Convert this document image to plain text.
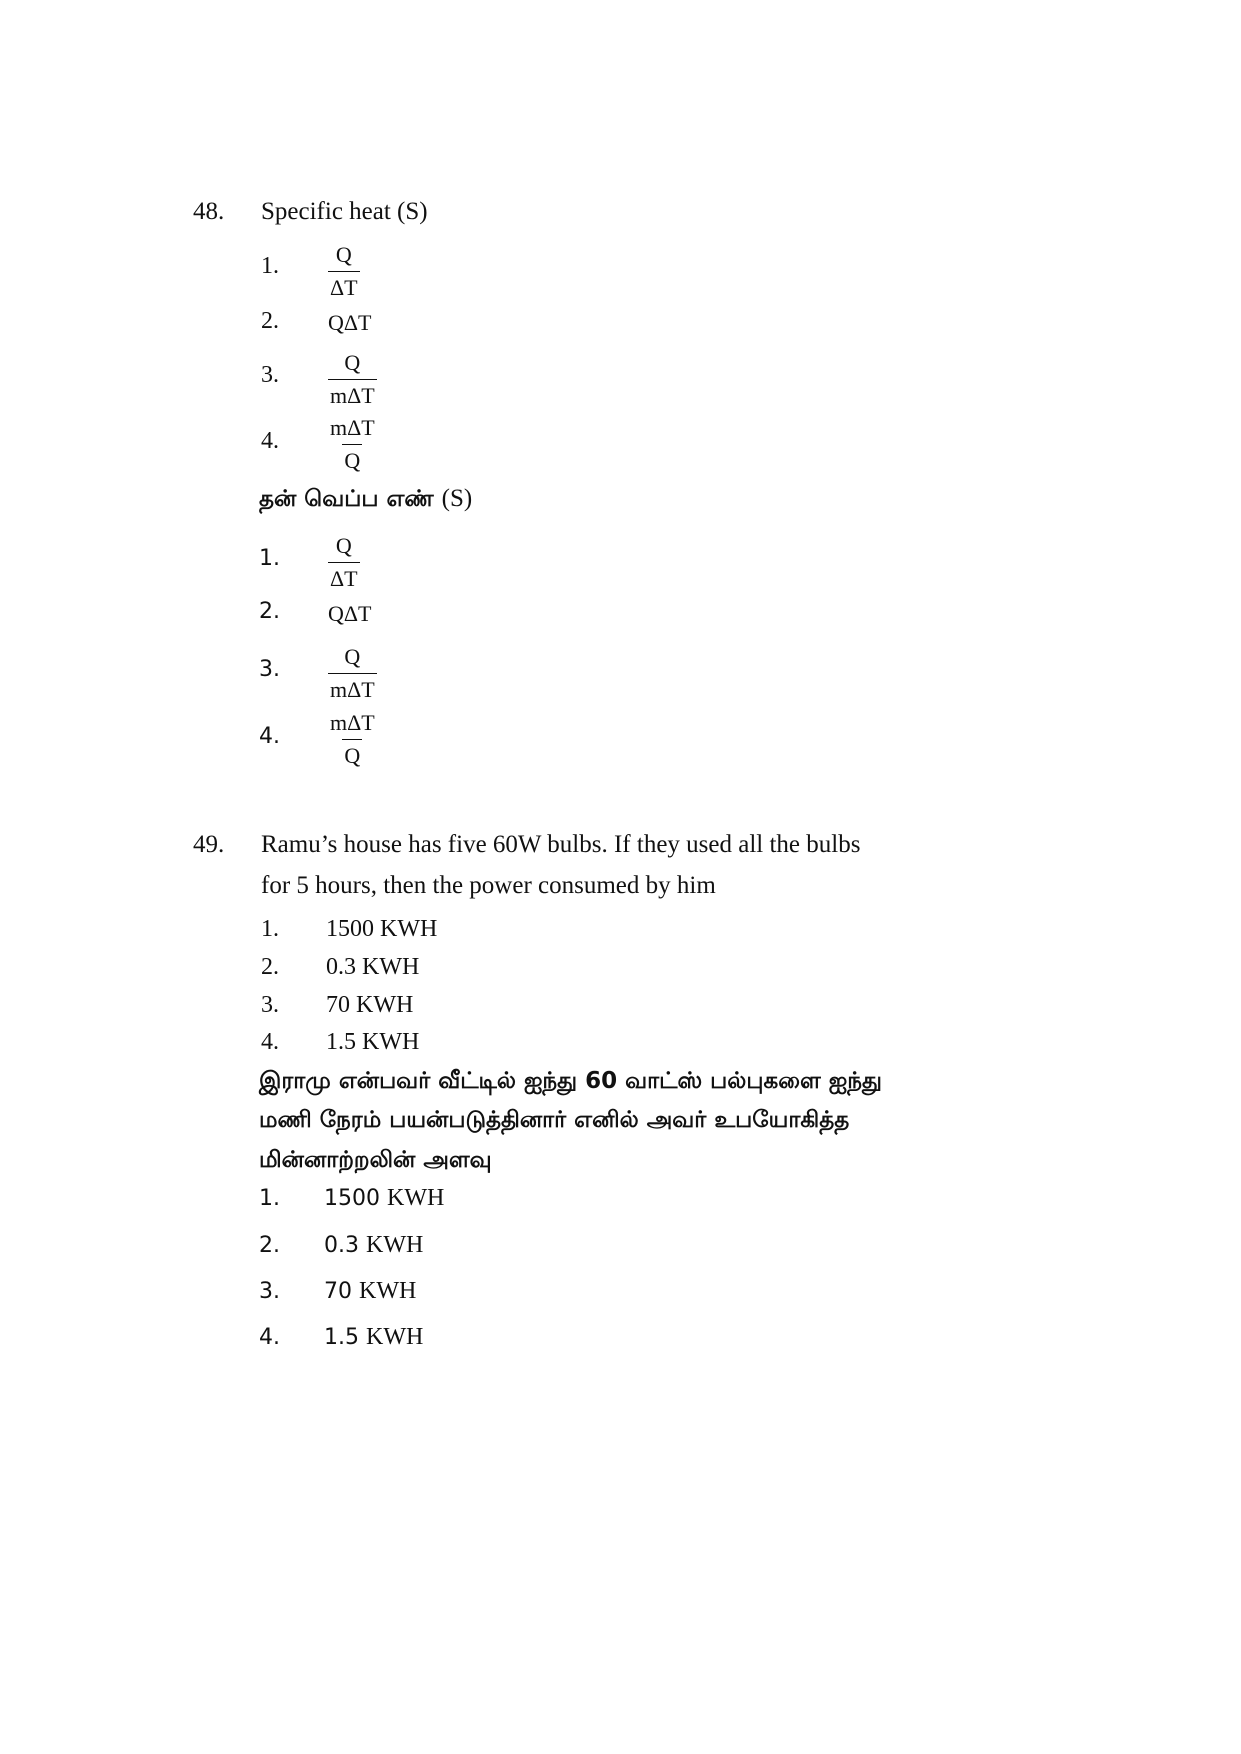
48. Specific heat (S)
1. $\frac{Q}{\Delta T}$
2. QΔT
3.	Q
mΔT
4.
mΔT
Q
தன் வெப்ப எண் (S)
1. $\frac{Q}{\Delta T}$
2. QΔT
3.
Q
mΔT
4.
mΔT
Q
49. Ramu’s house has five 60W bulbs. If they used all the bulbs
for 5 hours, then the power consumed by him
1. 1500 KWH
2. 0.3 KWH
3. 70 KWH
4. 1.5 KWH
இராமு என்பவர் வீட்டில் ஐந்து 60 வாட்ஸ் பல்புகளை ஐந்து
மணி நேரம் பயன்படுத்தினார் எனில் அவர் உபயோகித்த
மின்னாற்றலின் அளவு
1. 1500 KWH
2. 0.3 KWH
3. 70 KWH
4. 1.5 KWH
